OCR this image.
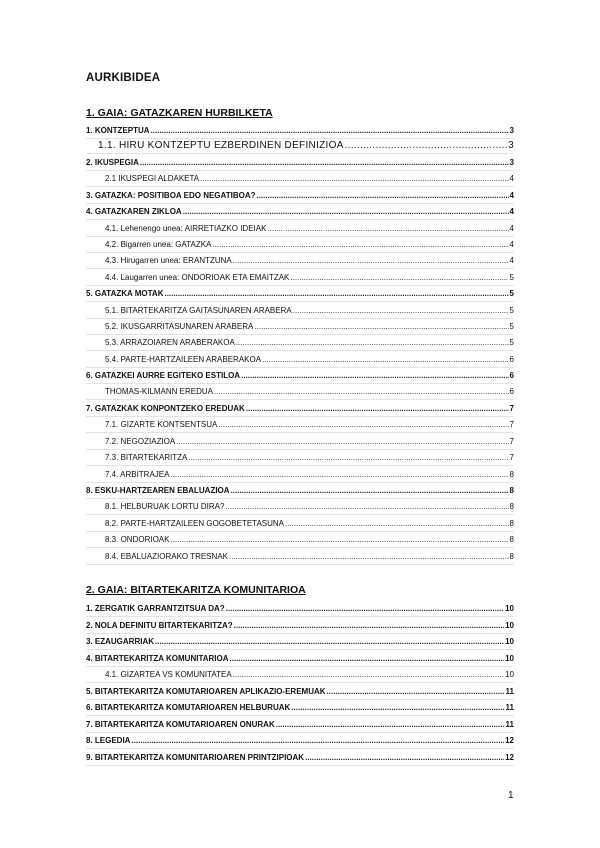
AURKIBIDEA
1. GAIA: GATAZKAREN HURBILKETA
1. KONTZEPTUA .....	3
1.1. HIRU KONTZEPTU EZBERDINEN DEFINIZIOA .....	3
2. IKUSPEGIA .....	3
2.1 IKUSPEGI ALDAKETA .....	4
3. GATAZKA: POSITIBOA EDO NEGATIBOA? .....	4
4. GATAZKAREN ZIKLOA .....	4
4.1. Lehenengo unea: AIRRETIAZKO IDEIAK .....	4
4.2. Bigarren unea: GATAZKA .....	4
4.3. Hirugarren unea: ERANTZUNA .....	4
4.4. Laugarren unea: ONDORIOAK ETA EMAITZAK .....	5
5. GATAZKA MOTAK .....	5
5.1. BITARTEKARITZA GAITASUNAREN ARABERA .....	5
5.2. IKUSGARRITASUNAREN ARABERA .....	5
5.3. ARRAZOIAREN ARABERAKOA .....	5
5.4. PARTE-HARTZAILEEN ARABERAKOA .....	6
6. GATAZKEI AURRE EGITEKO ESTILOA .....	6
THOMAS-KILMANN EREDUA .....	6
7. GATAZKAK KONPONTZEKO EREDUAK .....	7
7.1. GIZARTE KONTSENTSUA .....	7
7.2. NEGOZIAZIOA .....	7
7.3. BITARTEKARITZA .....	7
7.4. ARBITRAJEA .....	8
8. ESKU-HARTZEAREN EBALUAZIOA .....	8
8.1. HELBURUAK LORTU DIRA? .....	8
8.2. PARTE-HARTZAILEEN GOGOBETETASUNA .....	8
8.3. ONDORIOAK .....	8
8.4. EBALUAZIORAKO TRESNAK .....	8
2. GAIA: BITARTEKARITZA KOMUNITARIOA
1. ZERGATIK GARRANTZITSUA DA? .....	10
2. NOLA DEFINITU BITARTEKARITZA? .....	10
3. EZAUGARRIAK .....	10
4. BITARTEKARITZA KOMUNITARIOA .....	10
4.1. GIZARTEA VS KOMUNITATEA .....	10
5. BITARTEKARITZA KOMUTARIOAREN APLIKAZIO-EREMUAK .....	11
6. BITARTEKARITZA KOMUTARIOAREN HELBURUAK .....	11
7. BITARTEKARITZA KOMUTARIOAREN ONURAK .....	11
8. LEGEDIA .....	12
9. BITARTEKARITZA KOMUNITARIOAREN PRINTZIPIOAK .....	12
1
